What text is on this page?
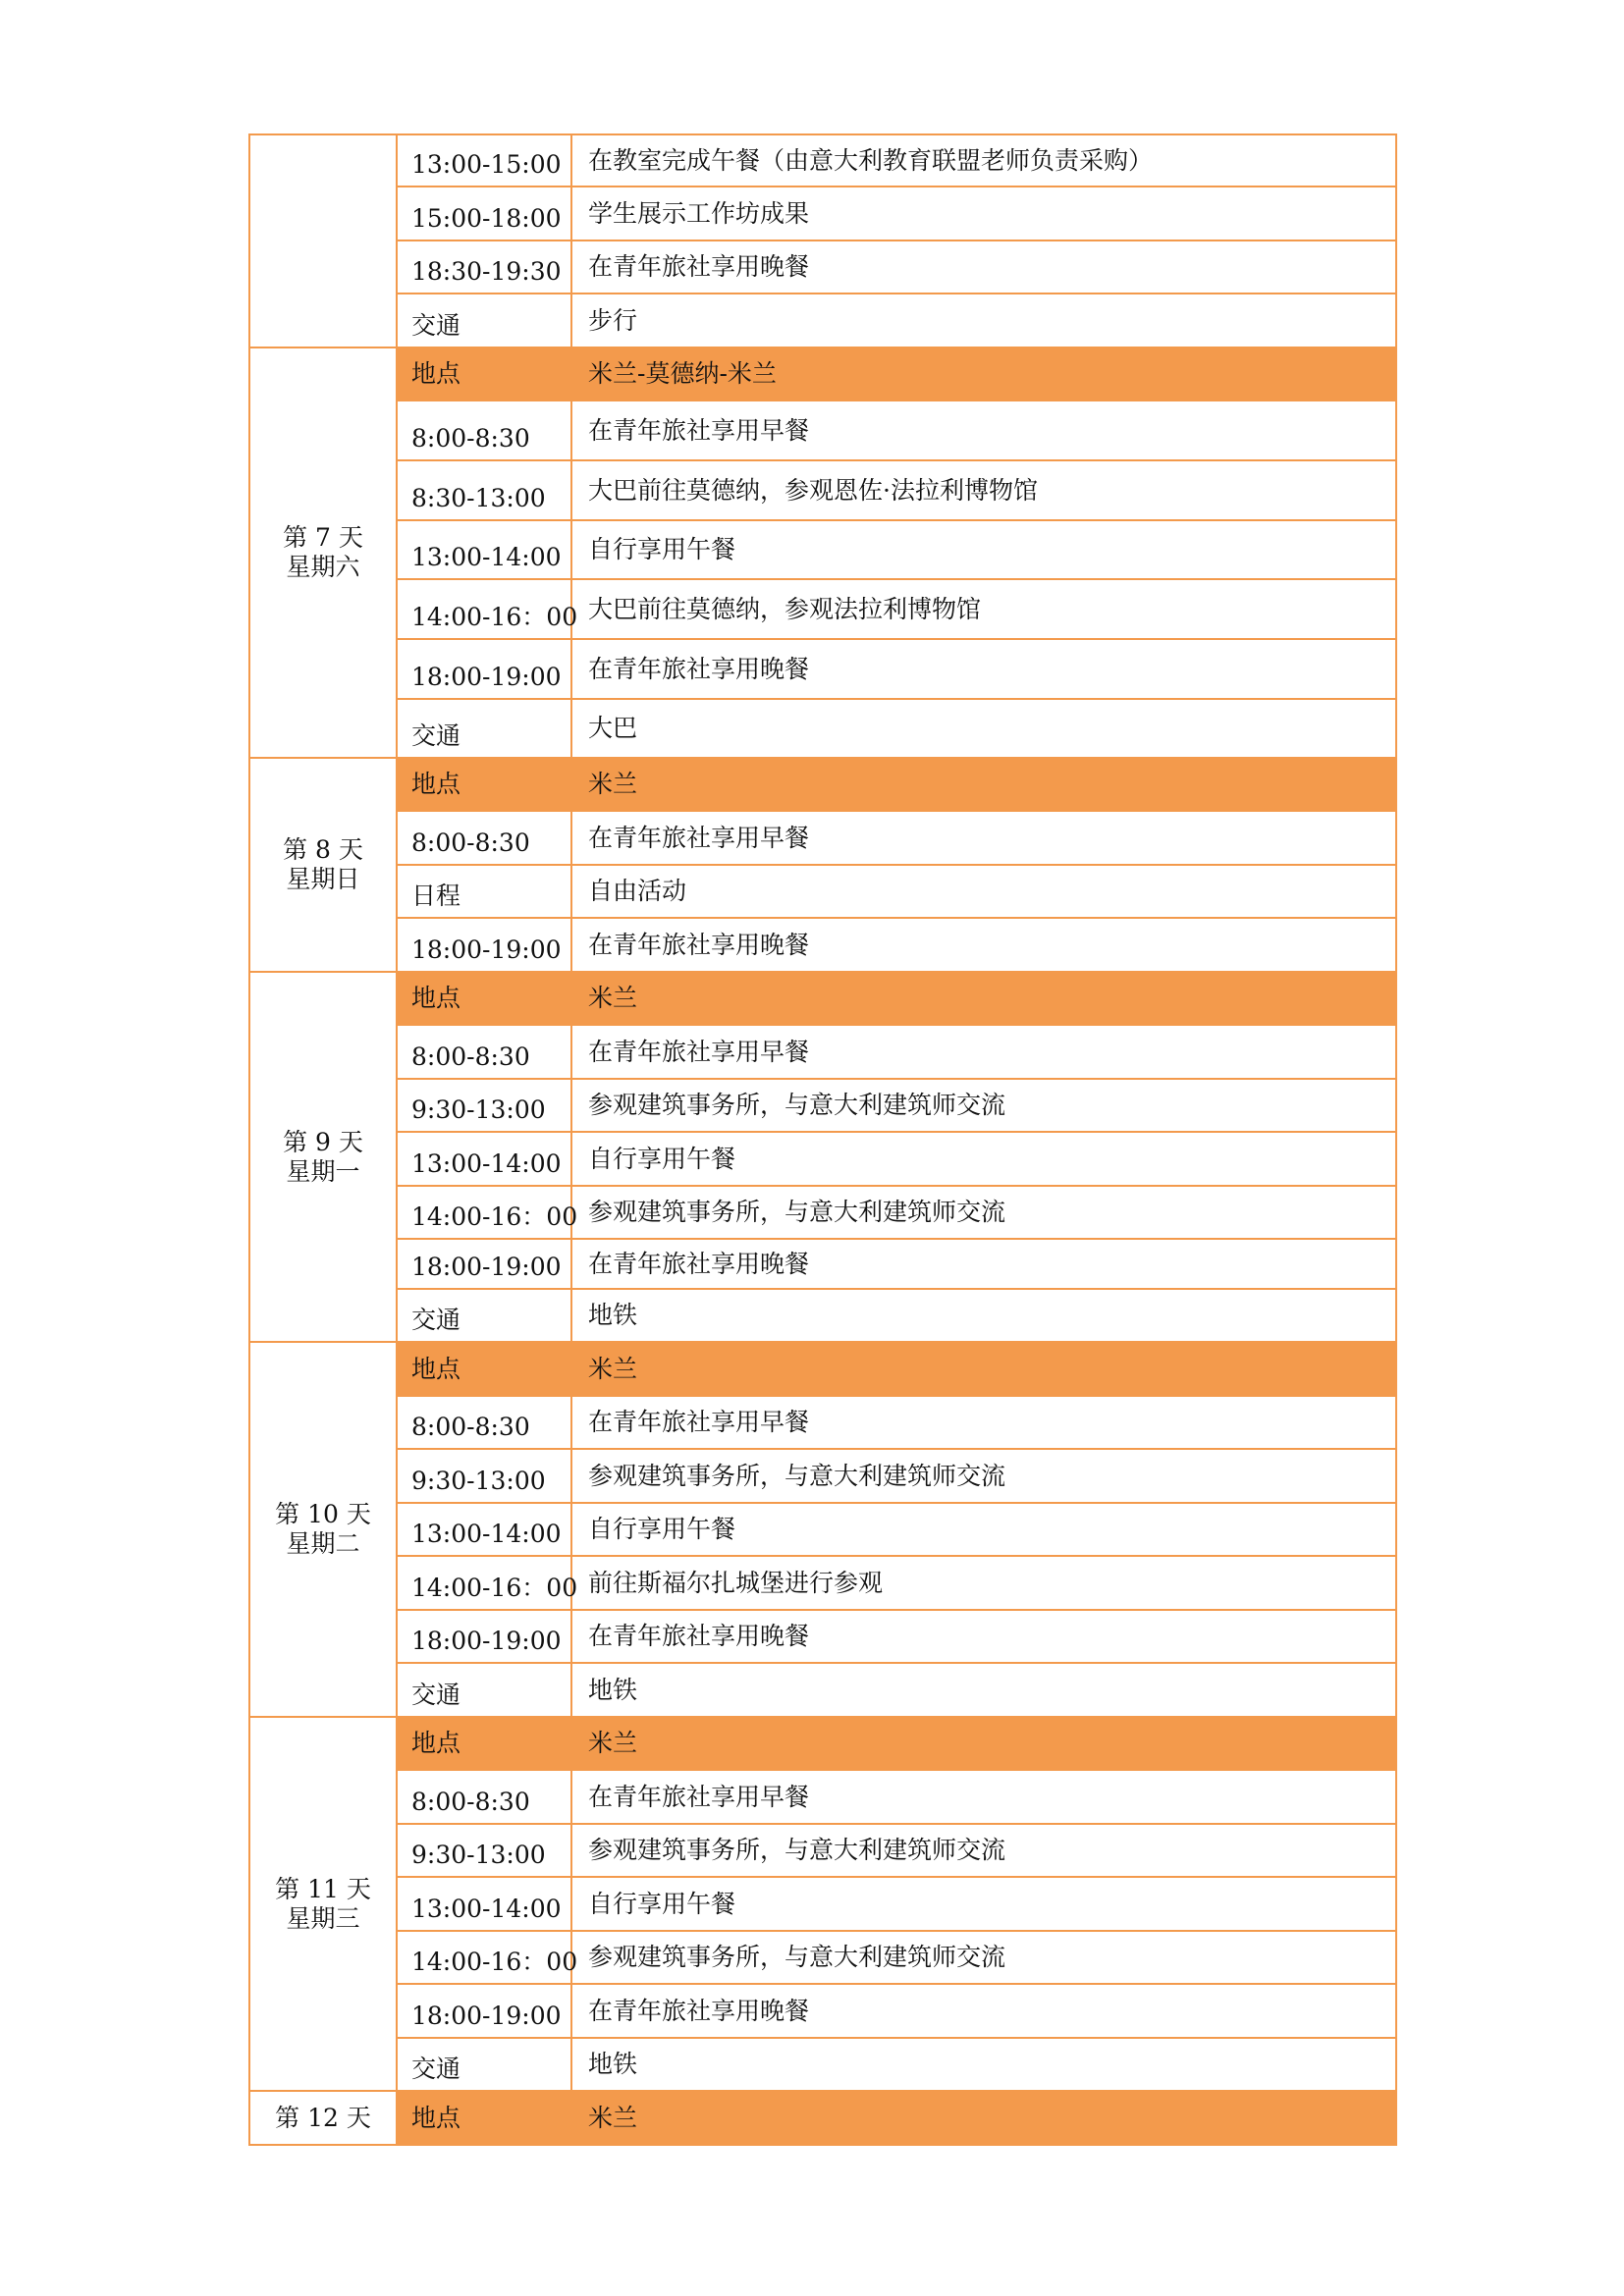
	13:00-15:00	在教室完成午餐（由意大利教育联盟老师负责采购）
	15:00-18:00	学生展示工作坊成果
	18:30-19:30	在青年旅社享用晚餐
	交通	步行

第 7 天
星期六	地点	米兰-莫德纳-米兰
	8:00-8:30	在青年旅社享用早餐
	8:30-13:00	大巴前往莫德纳，参观恩佐·法拉利博物馆
	13:00-14:00	自行享用午餐
	14:00-16：00	大巴前往莫德纳，参观法拉利博物馆
	18:00-19:00	在青年旅社享用晚餐
	交通	大巴

第 8 天
星期日	地点	米兰
	8:00-8:30	在青年旅社享用早餐
	日程	自由活动
	18:00-19:00	在青年旅社享用晚餐

第 9 天
星期一	地点	米兰
	8:00-8:30	在青年旅社享用早餐
	9:30-13:00	参观建筑事务所，与意大利建筑师交流
	13:00-14:00	自行享用午餐
	14:00-16：00	参观建筑事务所，与意大利建筑师交流
	18:00-19:00	在青年旅社享用晚餐
	交通	地铁

第 10 天
星期二	地点	米兰
	8:00-8:30	在青年旅社享用早餐
	9:30-13:00	参观建筑事务所，与意大利建筑师交流
	13:00-14:00	自行享用午餐
	14:00-16：00	前往斯福尔扎城堡进行参观
	18:00-19:00	在青年旅社享用晚餐
	交通	地铁

第 11 天
星期三	地点	米兰
	8:00-8:30	在青年旅社享用早餐
	9:30-13:00	参观建筑事务所，与意大利建筑师交流
	13:00-14:00	自行享用午餐
	14:00-16：00	参观建筑事务所，与意大利建筑师交流
	18:00-19:00	在青年旅社享用晚餐
	交通	地铁

第 12 天	地点	米兰
